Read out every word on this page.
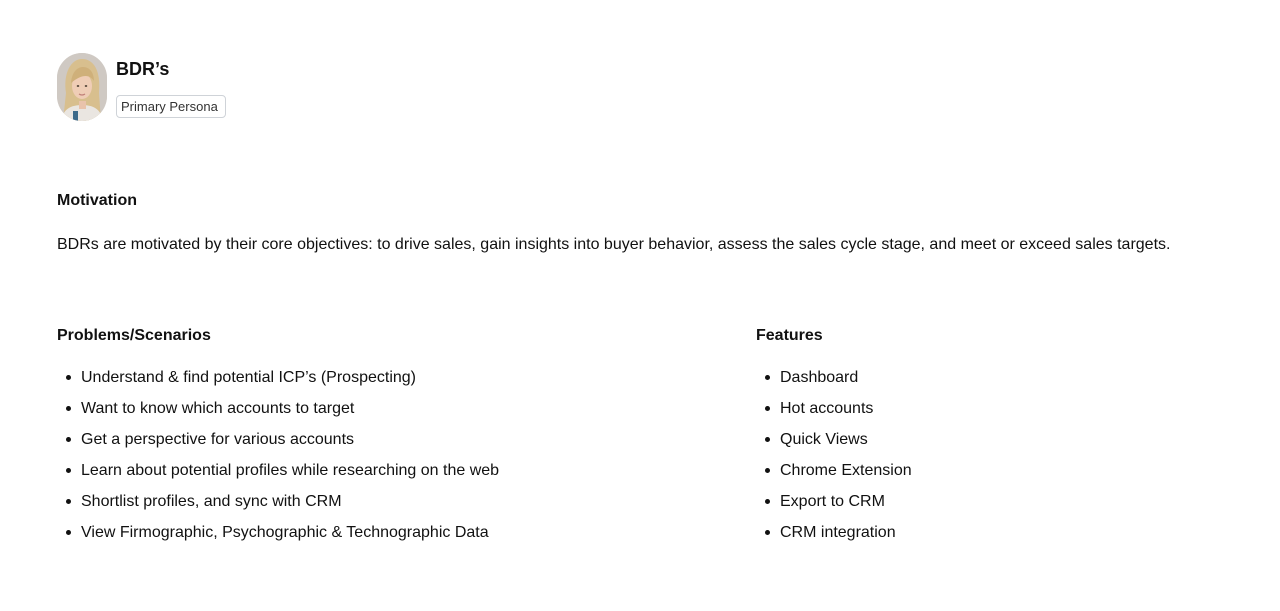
BDR’s
Primary Persona
Motivation
BDRs are motivated by their core objectives: to drive sales, gain insights into buyer behavior, assess the sales cycle stage, and meet or exceed sales targets.
Problems/Scenarios
Understand & find potential ICP’s (Prospecting)
Want to know which accounts to target
Get a perspective for various accounts
Learn about potential profiles while researching on the web
Shortlist profiles, and sync with CRM
View Firmographic, Psychographic & Technographic Data
Features
Dashboard
Hot accounts
Quick Views
Chrome Extension
Export to CRM
CRM integration
